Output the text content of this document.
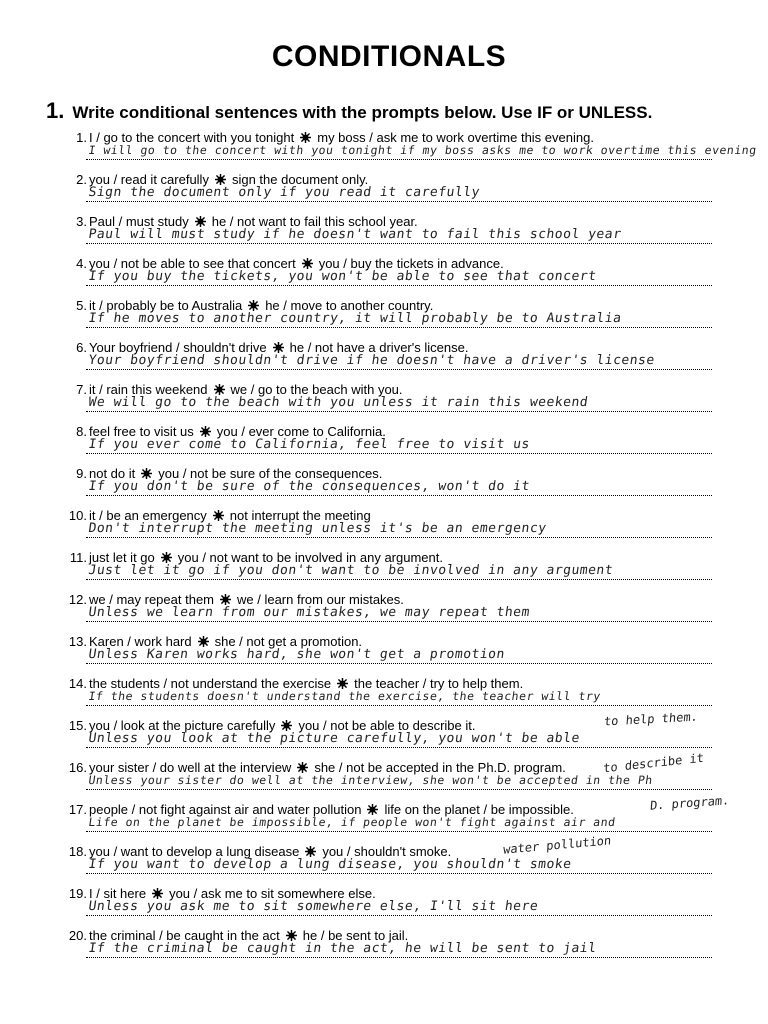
CONDITIONALS
1. Write conditional sentences with the prompts below. Use IF or UNLESS.
1. I / go to the concert with you tonight my boss / ask me to work overtime this evening.
I will go to the concert with you tonight if my boss asks me to work overtime this evening
2. you / read it carefully sign the document only.
Sign the document only if you read it carefully
3. Paul / must study he / not want to fail this school year.
Paul will must study if he doesn't want to fail this school year
4. you / not be able to see that concert you / buy the tickets in advance.
If you buy the tickets, you won't be able to see that concert
5. it / probably be to Australia he / move to another country.
If he moves to another country, it will probably be to Australia
6. Your boyfriend / shouldn't drive he / not have a driver's license.
Your boyfriend shouldn't drive if he doesn't have a driver's license
7. it / rain this weekend we / go to the beach with you.
We will go to the beach with you unless it rain this weekend
8. feel free to visit us you / ever come to California.
If you ever come to California, feel free to visit us
9. not do it you / not be sure of the consequences.
If you don't be sure of the consequences, won't do it
10. it / be an emergency not interrupt the meeting
Don't interrupt the meeting unless it's be an emergency
11. just let it go you / not want to be involved in any argument.
Just let it go if you don't want to be involved in any argument
12. we / may repeat them we / learn from our mistakes.
Unless we learn from our mistakes, we may repeat them
13. Karen / work hard she / not get a promotion.
Unless Karen works hard, she won't get a promotion
14. the students / not understand the exercise the teacher / try to help them.
If the students doesn't understand the exercise, the teacher will try
15. you / look at the picture carefully you / not be able to describe it.
Unless you look at the picture carefully, you won't be able
16. your sister / do well at the interview she / not be accepted in the Ph.D. program.
Unless your sister do well at the interview, she won't be accepted in the Ph
17. people / not fight against air and water pollution life on the planet / be impossible.
Life on the planet be impossible, if people won't fight against air and
18. you / want to develop a lung disease you / shouldn't smoke.
If you want to develop a lung disease, you shouldn't smoke
19. I / sit here you / ask me to sit somewhere else.
Unless you ask me to sit somewhere else, I'll sit here
20. the criminal / be caught in the act he / be sent to jail.
If the criminal be caught in the act, he will be sent to jail
to help them.
to describe it
D. program.
water pollution
